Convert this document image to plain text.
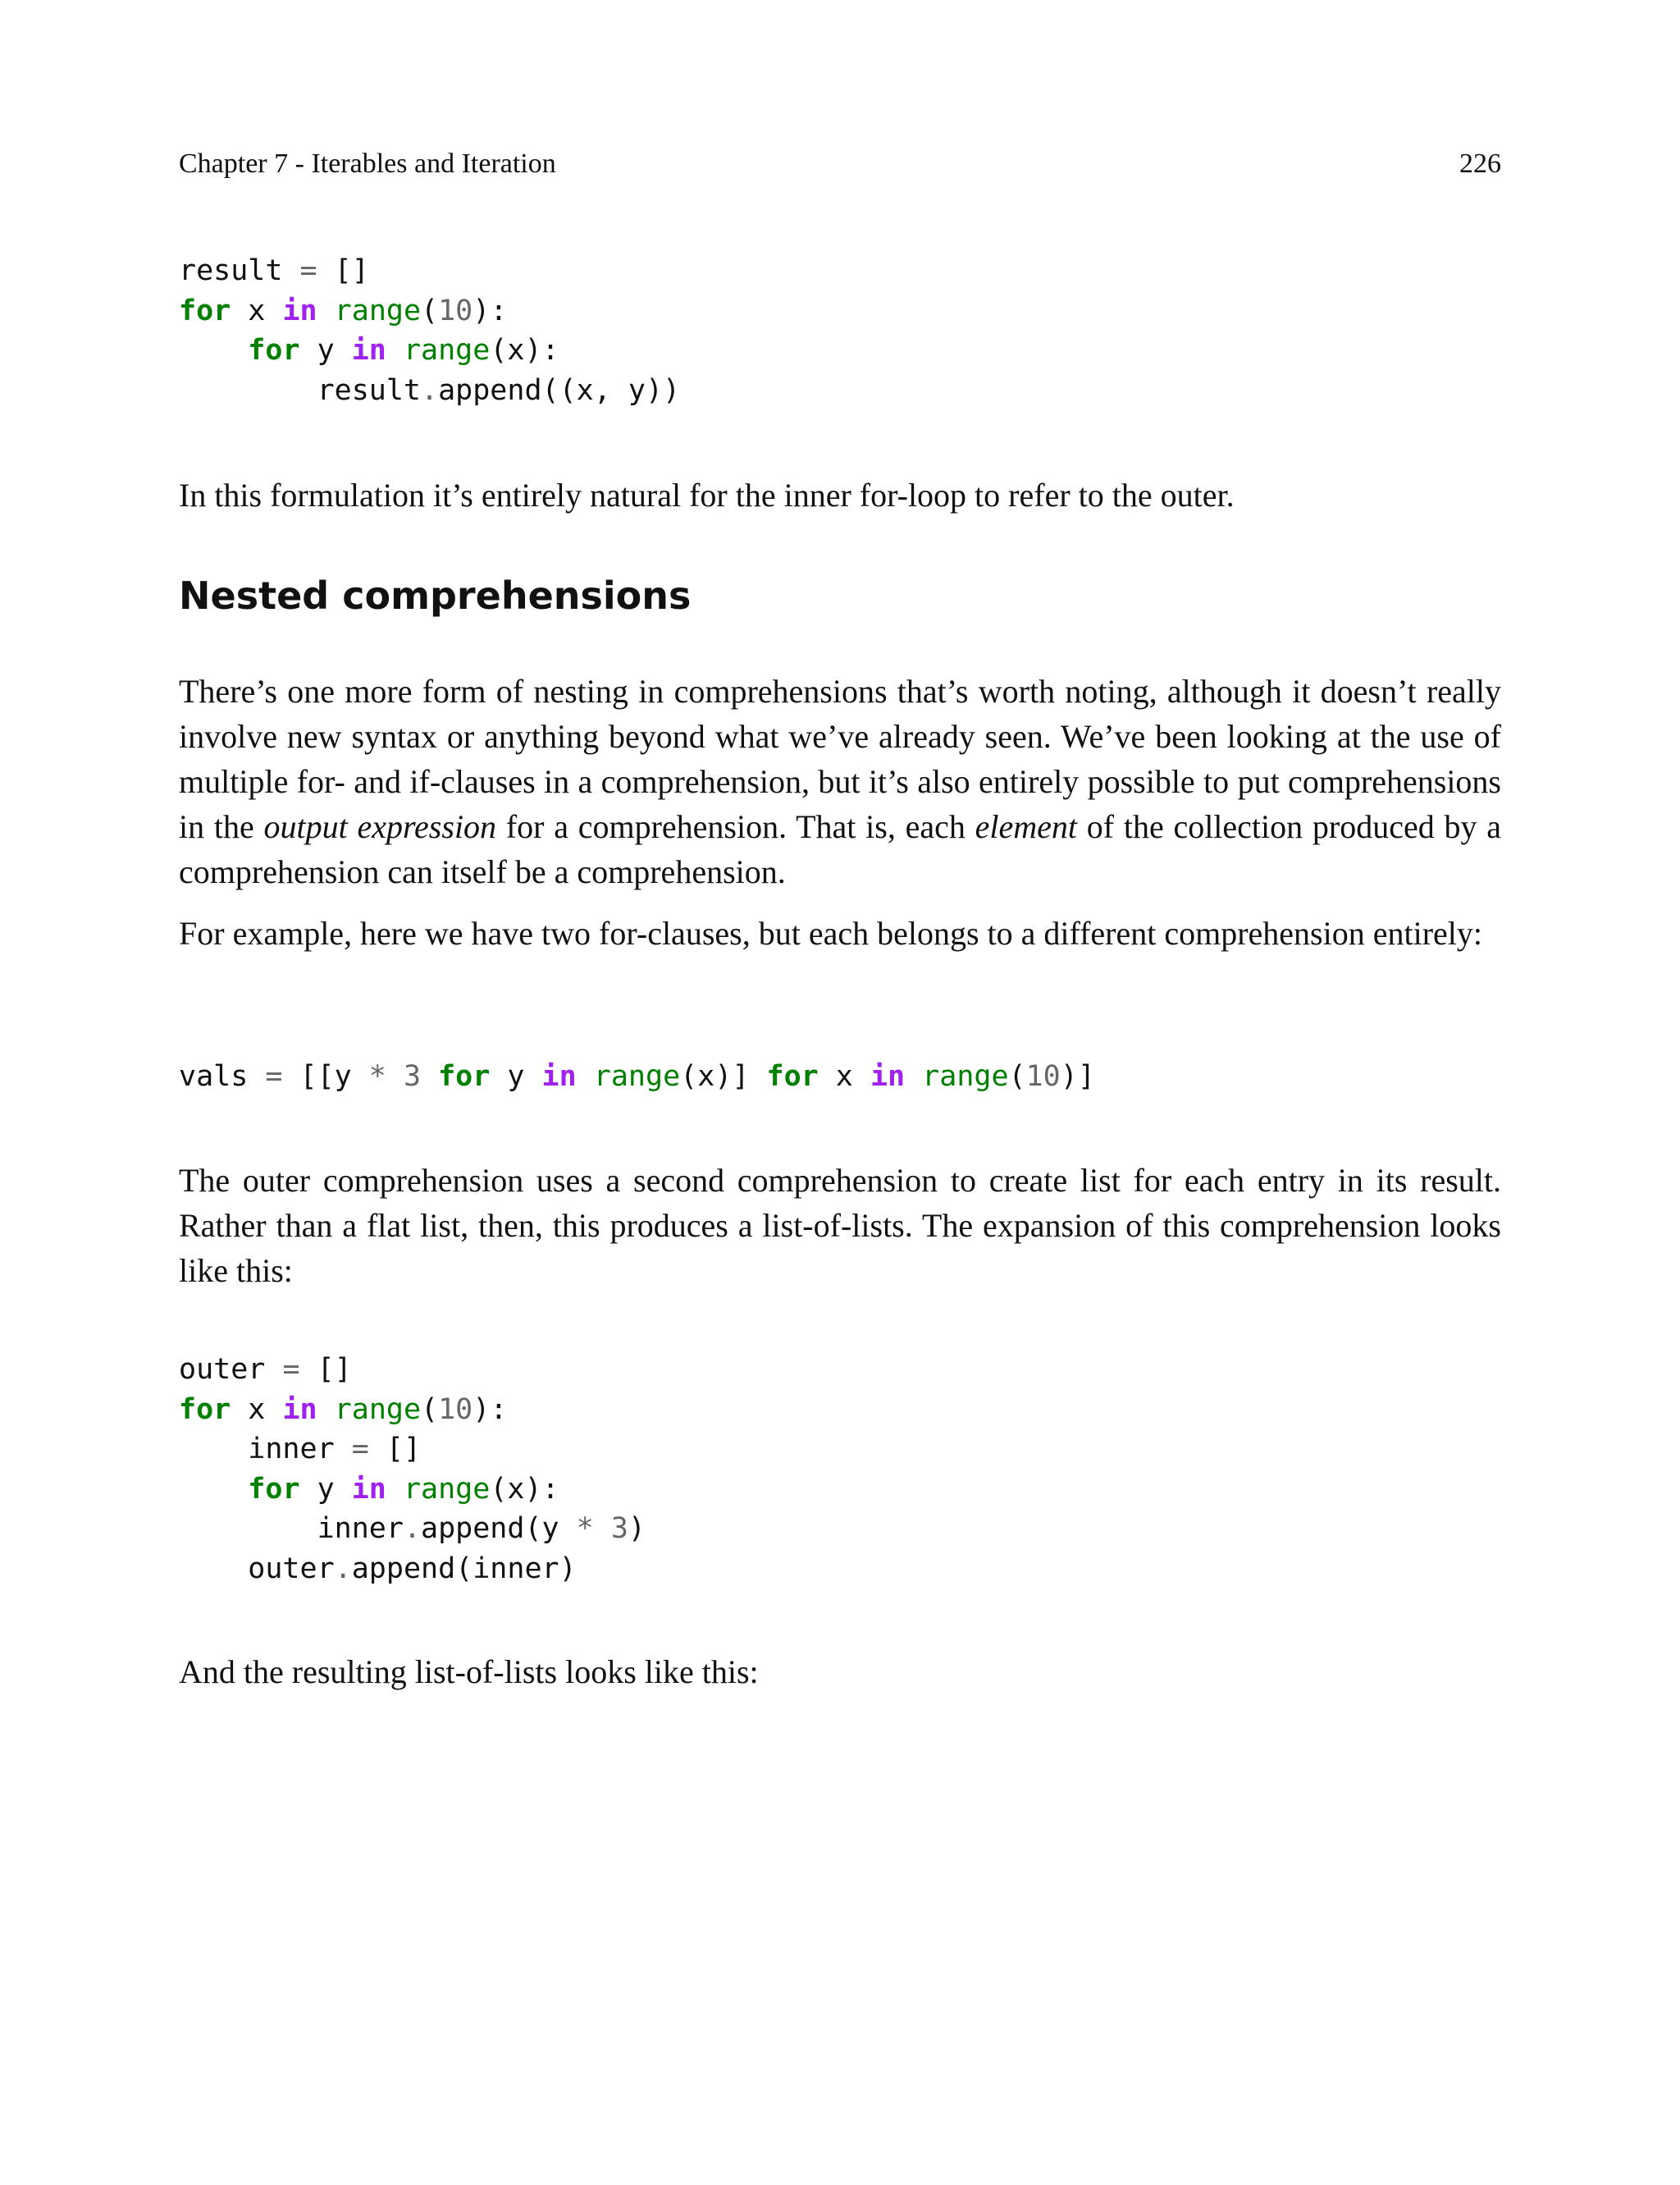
Chapter 7 - Iterables and Iteration	226
result = []
for x in range(10):
for y in range(x):
result.append((x, y))

In this formulation it’s entirely natural for the inner for-loop to refer to the outer.

Nested comprehensions

There’s one more form of nesting in comprehensions that’s worth noting, although it doesn’t really involve new syntax or anything beyond what we’ve already seen. We’ve been looking at the use of multiple for- and if-clauses in a comprehension, but it’s also entirely possible to put comprehensions in the output expression for a comprehension. That is, each element of the collection produced by a comprehension can itself be a comprehension.

For example, here we have two for-clauses, but each belongs to a different comprehension entirely:

vals = [[y * 3 for y in range(x)] for x in range(10)]

The outer comprehension uses a second comprehension to create list for each entry in its result. Rather than a flat list, then, this produces a list-of-lists. The expansion of this comprehension looks like this:

outer = []
for x in range(10):
inner = []
for y in range(x):
inner.append(y * 3)
outer.append(inner)

And the resulting list-of-lists looks like this:
